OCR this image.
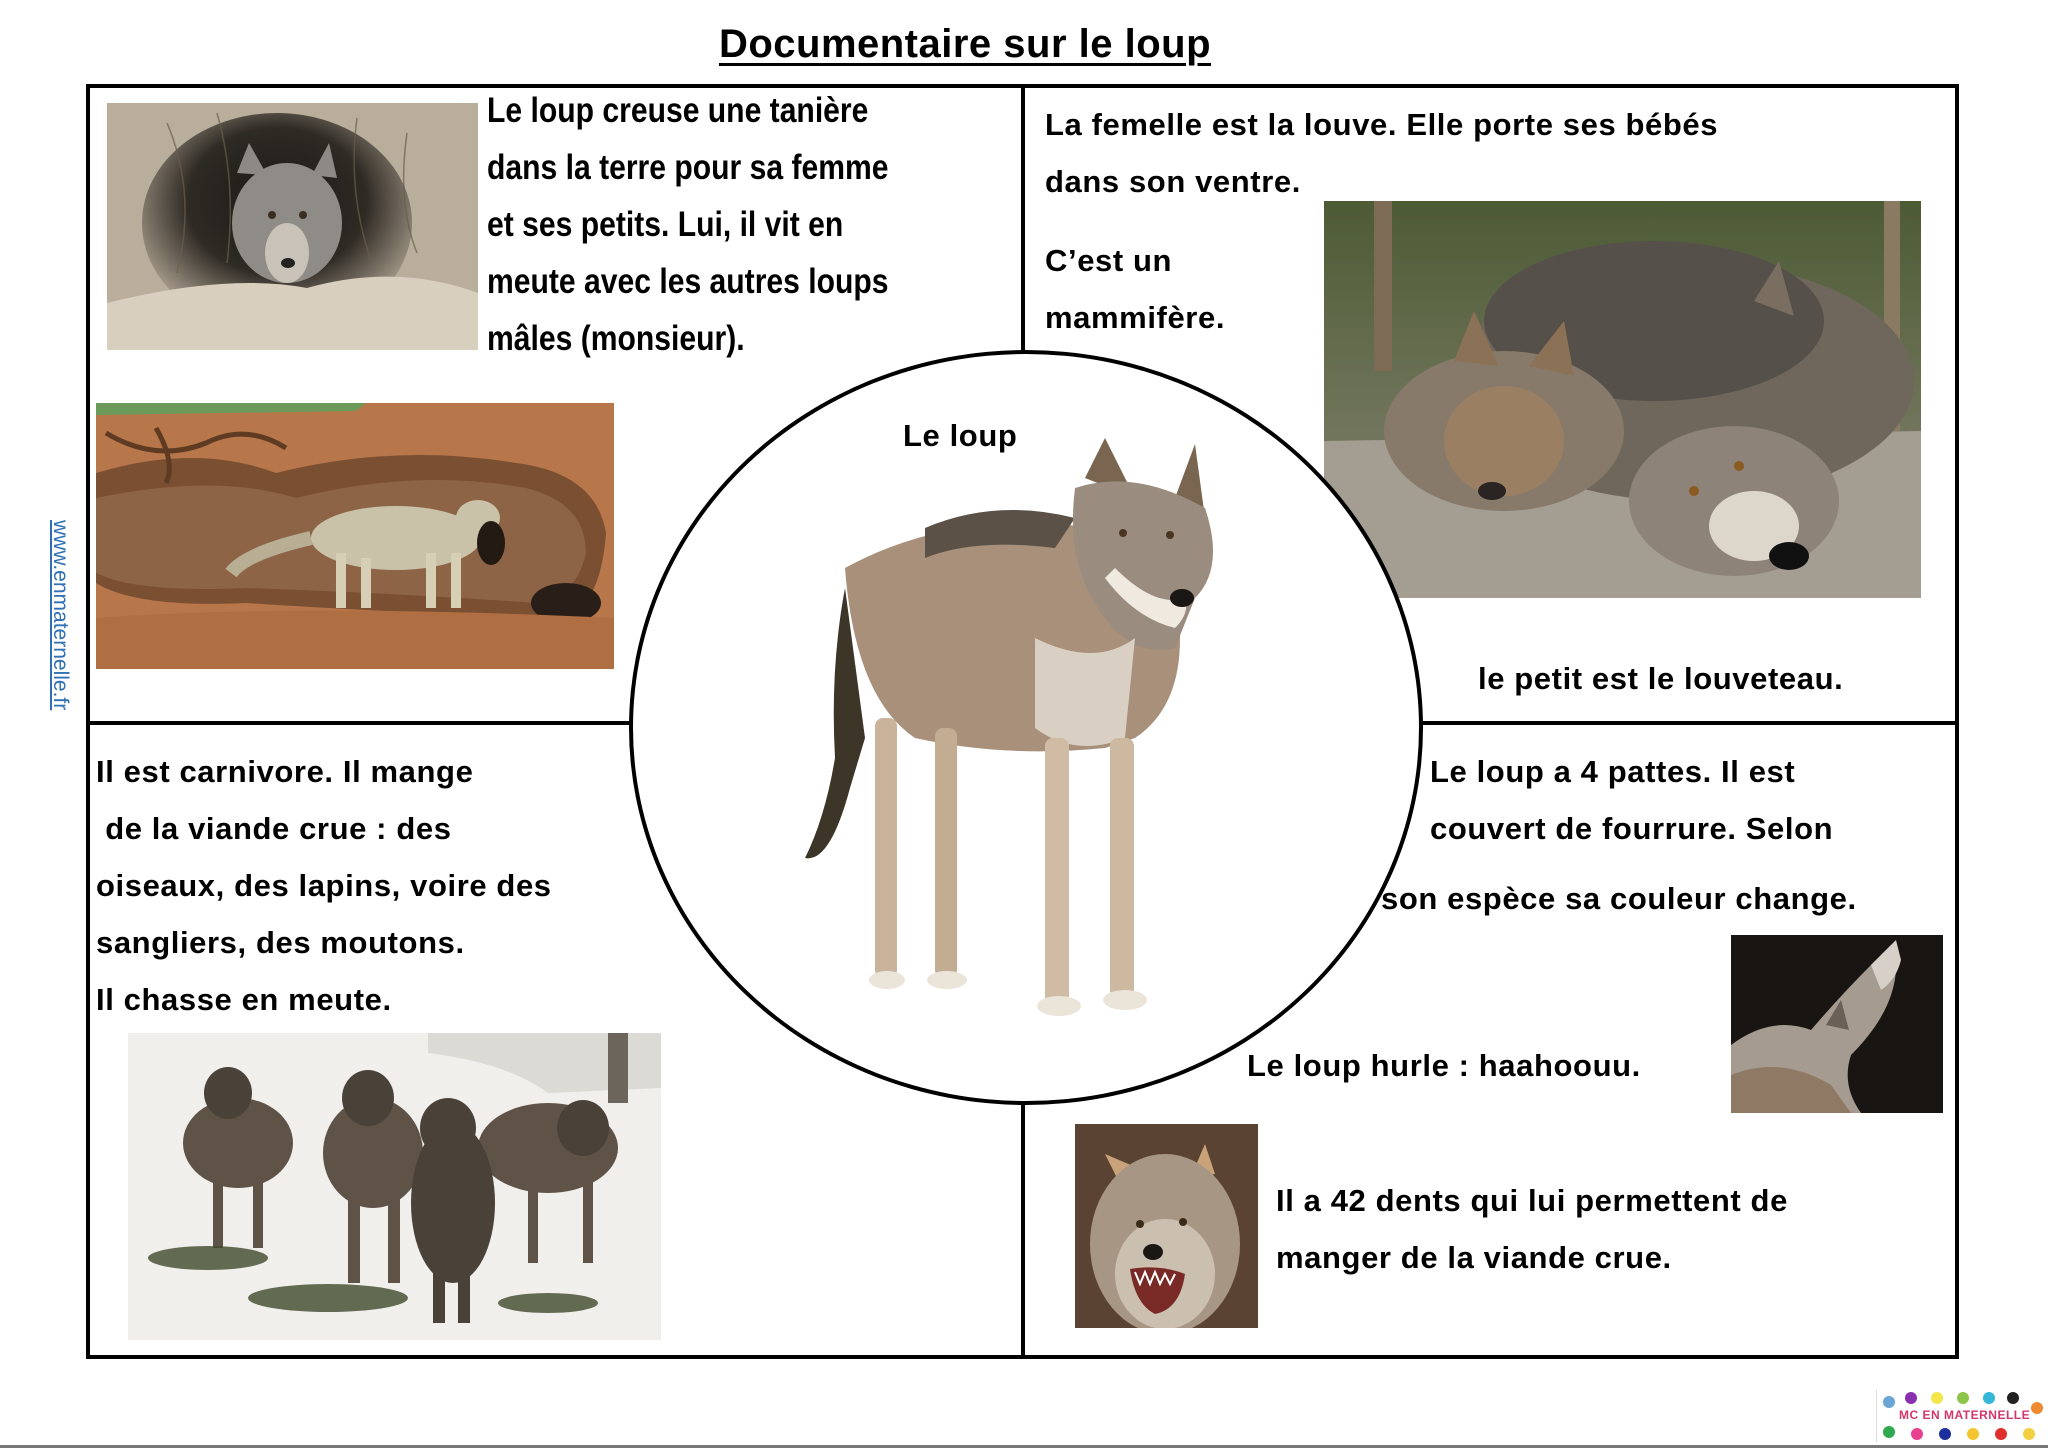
Documentaire sur le loup
www.enmaternelle.fr
Le loup creuse une tanière
dans la terre pour sa femme
et ses petits. Lui, il vit en
meute avec les autres loups
mâles (monsieur).
La femelle est la louve. Elle porte ses bébés
dans son ventre.
C’est un
mammifère.
le petit est le louveteau.
Le loup
Il est carnivore. Il mange
de la viande crue : des
oiseaux, des lapins, voire des
sangliers, des moutons.
Il chasse en meute.
Le loup a 4 pattes. Il est
couvert de fourrure. Selon
son espèce sa couleur change.
Le loup hurle : haahoouu.
Il a 42 dents qui lui permettent de
manger de la viande crue.
MC EN MATERNELLE
